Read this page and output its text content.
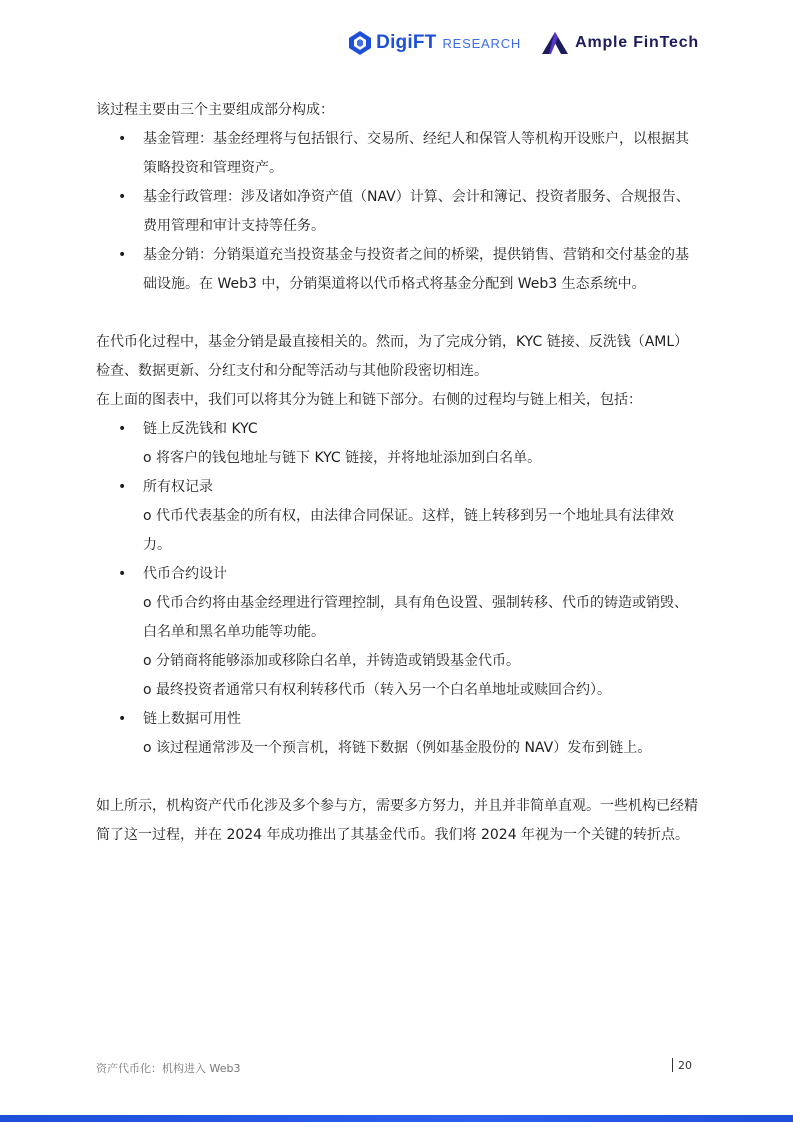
DigiFT RESEARCH	Ample FinTech

该过程主要由三个主要组成部分构成：

• 基金管理：基金经理将与包括银行、交易所、经纪人和保管人等机构开设账户，以根据其策略投资和管理资产。
• 基金行政管理：涉及诸如净资产值（NAV）计算、会计和簿记、投资者服务、合规报告、费用管理和审计支持等任务。
• 基金分销：分销渠道充当投资基金与投资者之间的桥梁，提供销售、营销和交付基金的基础设施。在 Web3 中，分销渠道将以代币格式将基金分配到 Web3 生态系统中。

在代币化过程中，基金分销是最直接相关的。然而，为了完成分销，KYC 链接、反洗钱（AML）检查、数据更新、分红支付和分配等活动与其他阶段密切相连。

在上面的图表中，我们可以将其分为链上和链下部分。右侧的过程均与链上相关，包括：

• 链上反洗钱和 KYC
o 将客户的钱包地址与链下 KYC 链接，并将地址添加到白名单。
• 所有权记录
o 代币代表基金的所有权，由法律合同保证。这样，链上转移到另一个地址具有法律效力。
• 代币合约设计
o 代币合约将由基金经理进行管理控制，具有角色设置、强制转移、代币的铸造或销毁、白名单和黑名单功能等功能。
o 分销商将能够添加或移除白名单，并铸造或销毁基金代币。
o 最终投资者通常只有权利转移代币（转入另一个白名单地址或赎回合约）。
• 链上数据可用性
o 该过程通常涉及一个预言机，将链下数据（例如基金股份的 NAV）发布到链上。

如上所示，机构资产代币化涉及多个参与方，需要多方努力，并且并非简单直观。一些机构已经精简了这一过程，并在 2024 年成功推出了其基金代币。我们将 2024 年视为一个关键的转折点。

资产代币化：机构进入 Web3	20
